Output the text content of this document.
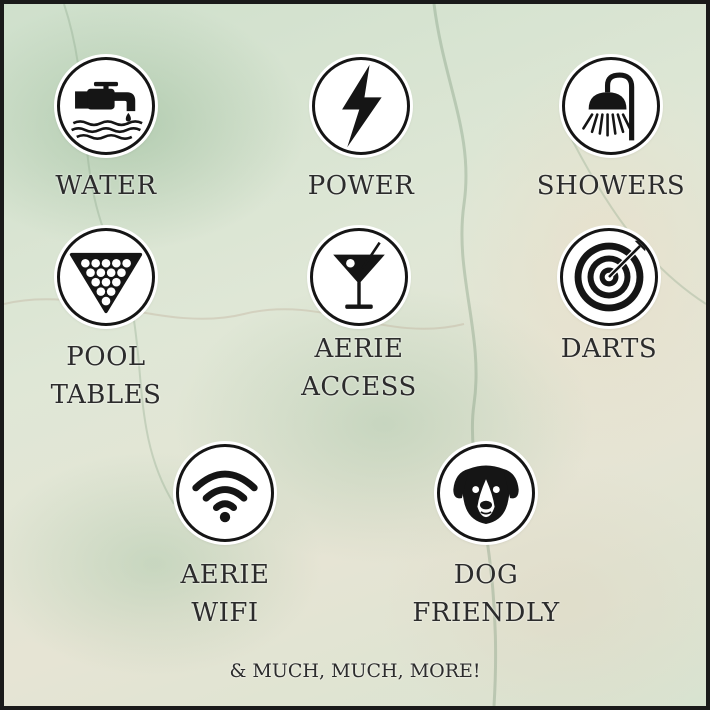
WATER	POWER	SHOWERS
POOL
TABLES
AERIE
ACCESS
DARTS
AERIE
WIFI
DOG
FRIENDLY
& MUCH, MUCH, MORE!
